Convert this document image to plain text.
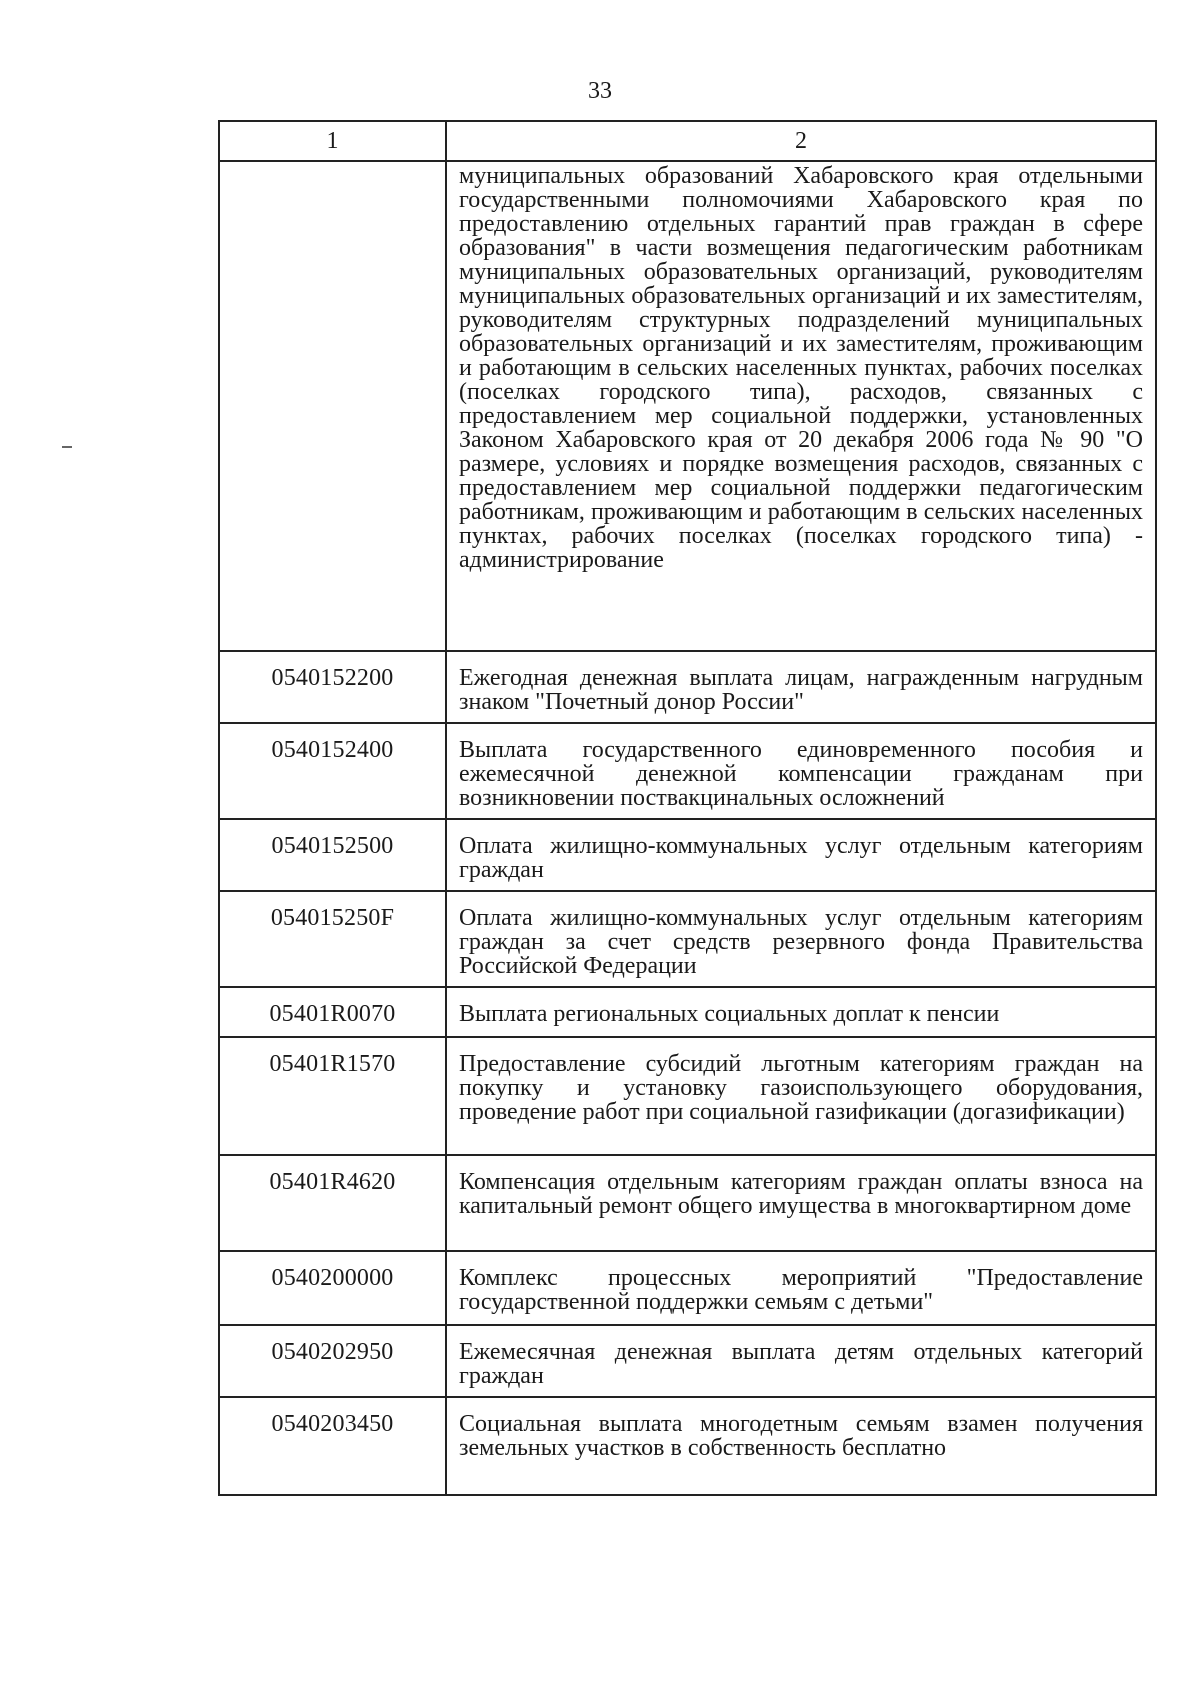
33
1	2
	муниципальных образований Хабаровского края отдельными государственными полномочиями Хабаровского края по предоставлению отдельных гарантий прав граждан в сфере образования" в части возмещения педагогическим работникам муниципальных образовательных организаций, руководителям муниципальных образовательных организаций и их заместителям, руководителям структурных подразделений муниципальных образовательных организаций и их заместителям, проживающим и работающим в сельских населенных пунктах, рабочих поселках (поселках городского типа), расходов, связанных с предоставлением мер социальной поддержки, установленных Законом Хабаровского края от 20 декабря 2006 года № 90 "О размере, условиях и порядке возмещения расходов, связанных с предоставлением мер социальной поддержки педагогическим работникам, проживающим и работающим в сельских населенных пунктах, рабочих поселках (поселках городского типа) - администрирование
0540152200	Ежегодная денежная выплата лицам, награжденным нагрудным знаком "Почетный донор России"
0540152400	Выплата государственного единовременного пособия и ежемесячной денежной компенсации гражданам при возникновении поствакцинальных осложнений
0540152500	Оплата жилищно-коммунальных услуг отдельным категориям граждан
054015250F	Оплата жилищно-коммунальных услуг отдельным категориям граждан за счет средств резервного фонда Правительства Российской Федерации
05401R0070	Выплата региональных социальных доплат к пенсии
05401R1570	Предоставление субсидий льготным категориям граждан на покупку и установку газоиспользующего оборудования, проведение работ при социальной газификации (догазификации)
05401R4620	Компенсация отдельным категориям граждан оплаты взноса на капитальный ремонт общего имущества в многоквартирном доме
0540200000	Комплекс процессных мероприятий "Предоставление государственной поддержки семьям с детьми"
0540202950	Ежемесячная денежная выплата детям отдельных категорий граждан
0540203450	Социальная выплата многодетным семьям взамен получения земельных участков в собственность бесплатно
